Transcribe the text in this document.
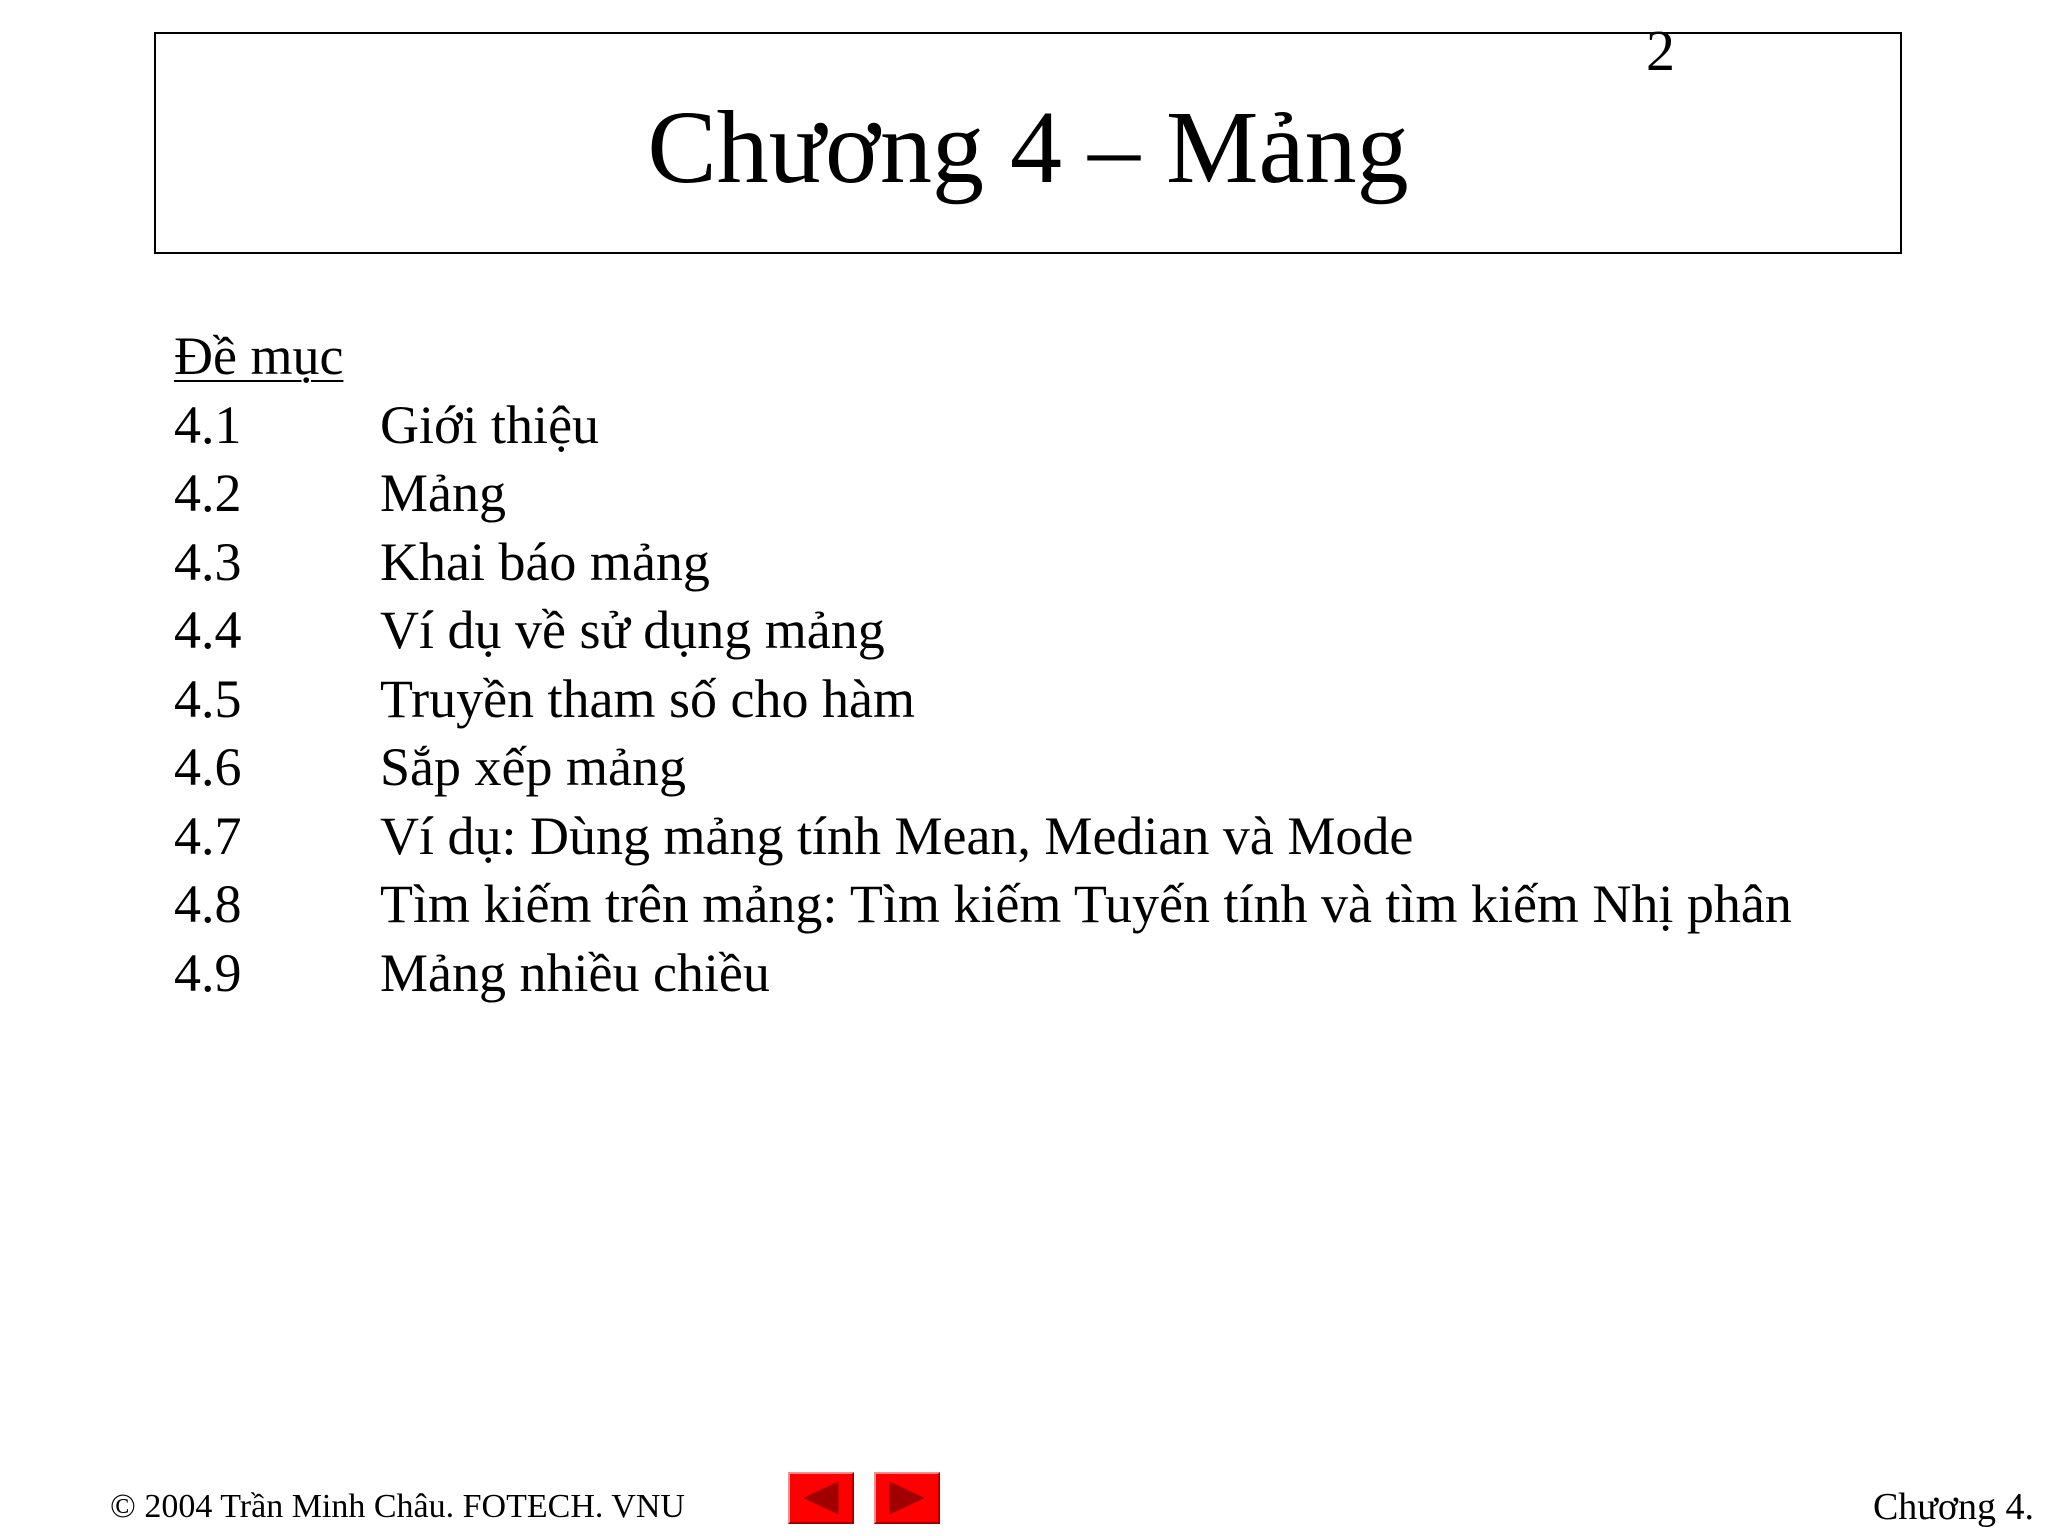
2
Chương 4 – Mảng
Đề mục
4.1	Giới thiệu
4.2	Mảng
4.3	Khai báo mảng
4.4	Ví dụ về sử dụng mảng
4.5	Truyền tham số cho hàm
4.6	Sắp xếp mảng
4.7	Ví dụ: Dùng mảng tính Mean, Median và Mode
4.8	Tìm kiếm trên mảng: Tìm kiếm Tuyến tính và tìm kiếm Nhị phân
4.9	Mảng nhiều chiều
© 2004 Trần Minh Châu. FOTECH. VNU	Chương 4.
